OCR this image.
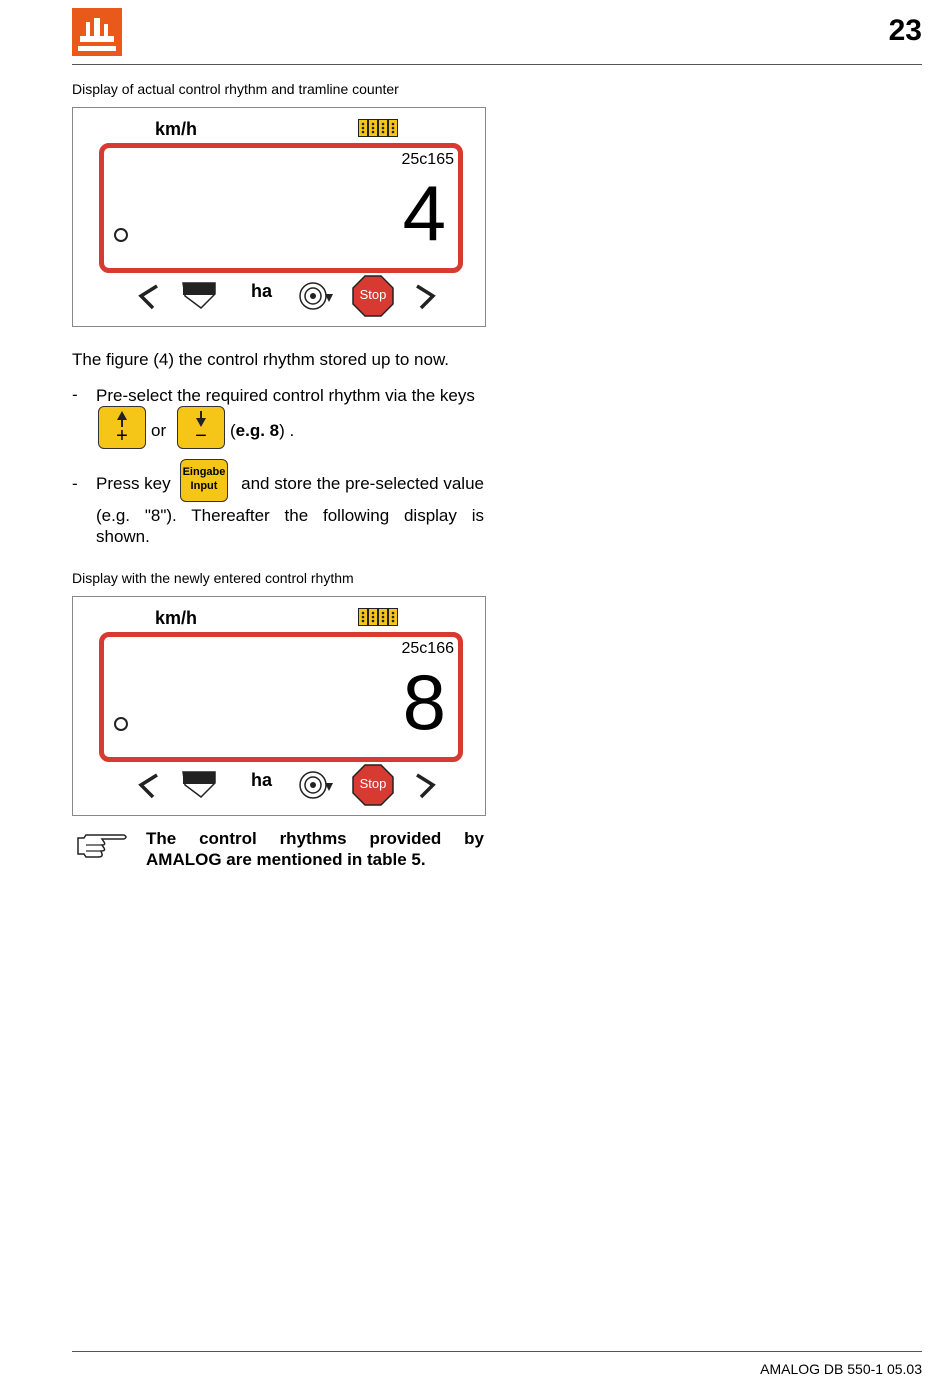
23
Display of actual control rhythm and tramline counter
km/h
25c165
4
ha	Stop
The figure (4) the control rhythm stored up to now.
- Pre-select the required control rhythm via the keys
+	or	−	(e.g. 8) .
- Press key
Eingabe
Input	and store the pre-selected value
(e.g. "8"). Thereafter the following display is
shown.
Display with the newly entered control rhythm
km/h
25c166
8
ha	Stop
The control rhythms provided by
AMALOG are mentioned in table 5.
AMALOG DB 550-1 05.03
